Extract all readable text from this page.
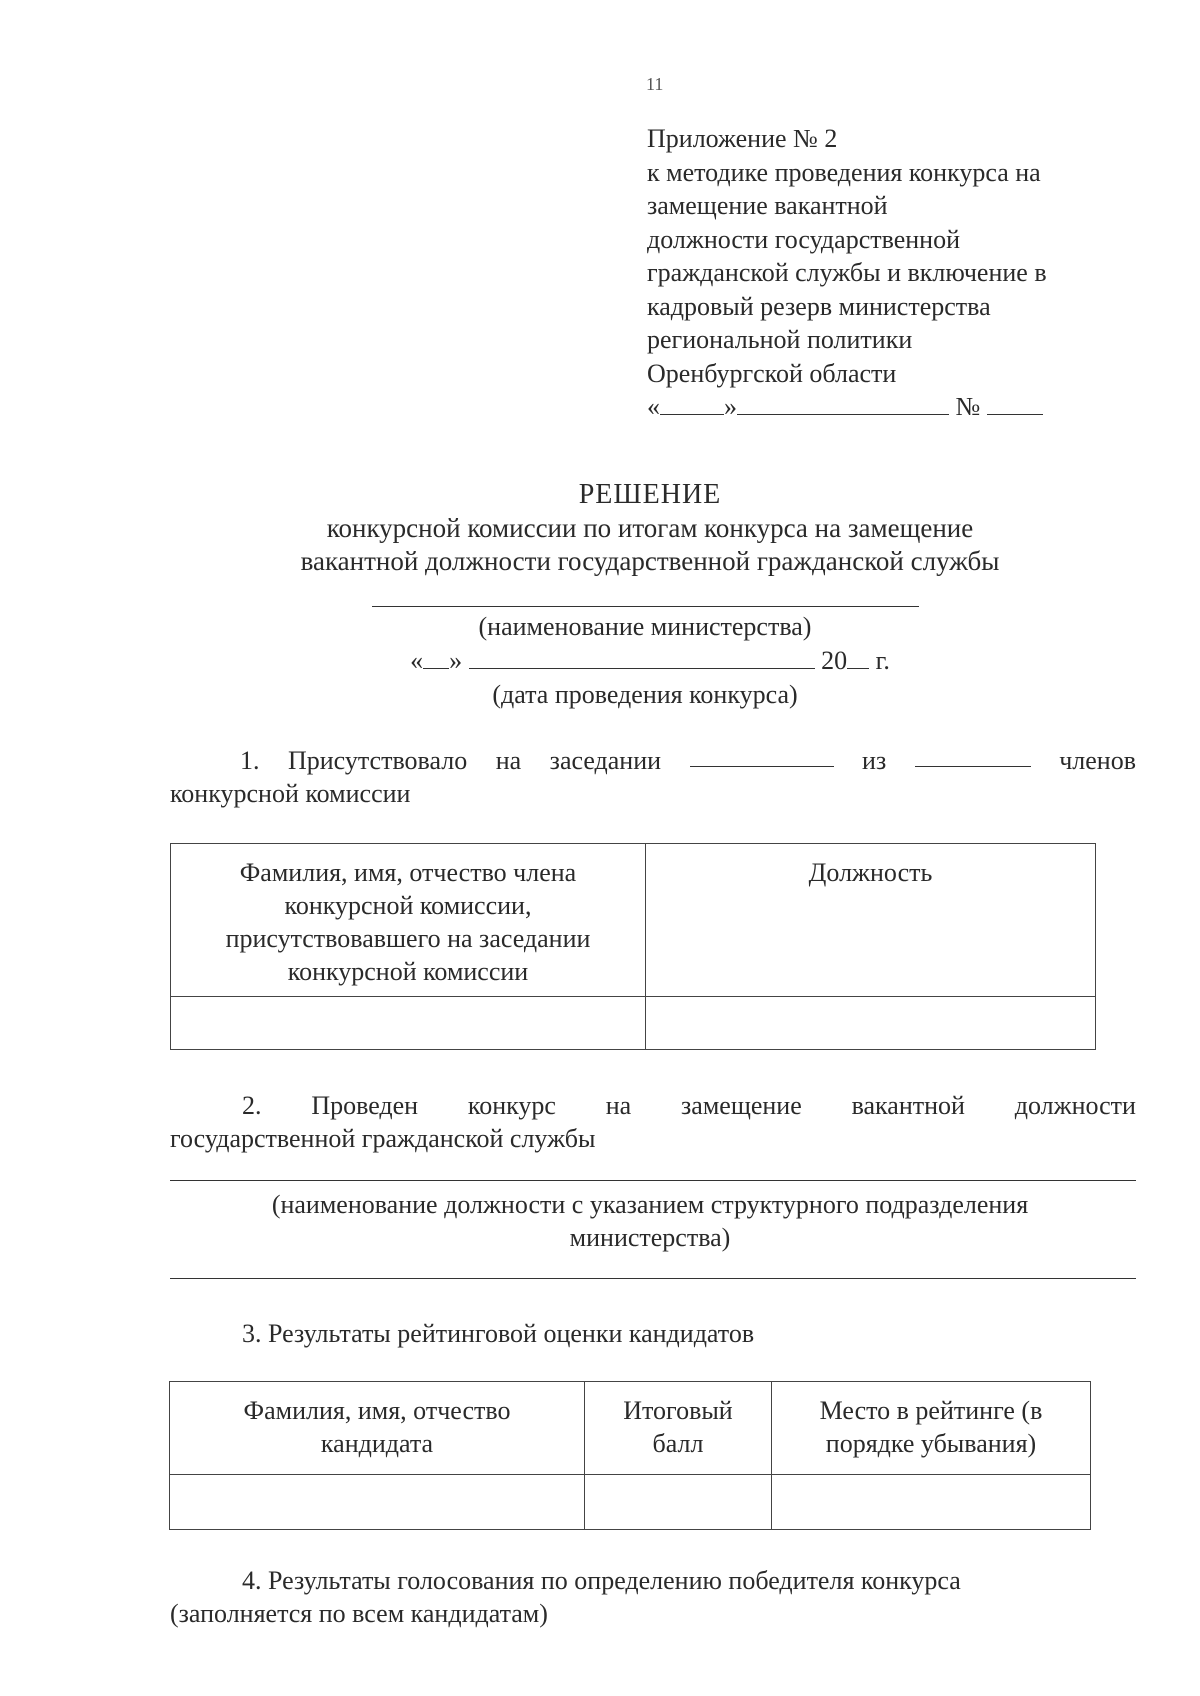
11
Приложение № 2
к методике проведения конкурса на
замещение вакантной
должности государственной
гражданской службы и включение в
кадровый резерв министерства
региональной политики
Оренбургской области
« »	№
РЕШЕНИЕ
конкурсной комиссии по итогам конкурса на замещение
вакантной должности государственной гражданской службы
(наименование министерства)
« »	20 г.
(дата проведения конкурса)
1. Присутствовало на заседании	из	членов
конкурсной комиссии
Фамилия, имя, отчество члена конкурсной комиссии, присутствовавшего на заседании конкурсной комиссии	Должность

2. Проведен конкурс на замещение вакантной должности
государственной гражданской службы
(наименование должности с указанием структурного подразделения министерства)
3. Результаты рейтинговой оценки кандидатов
Фамилия, имя, отчество кандидата	Итоговый балл	Место в рейтинге (в порядке убывания)

4. Результаты голосования по определению победителя конкурса
(заполняется по всем кандидатам)
